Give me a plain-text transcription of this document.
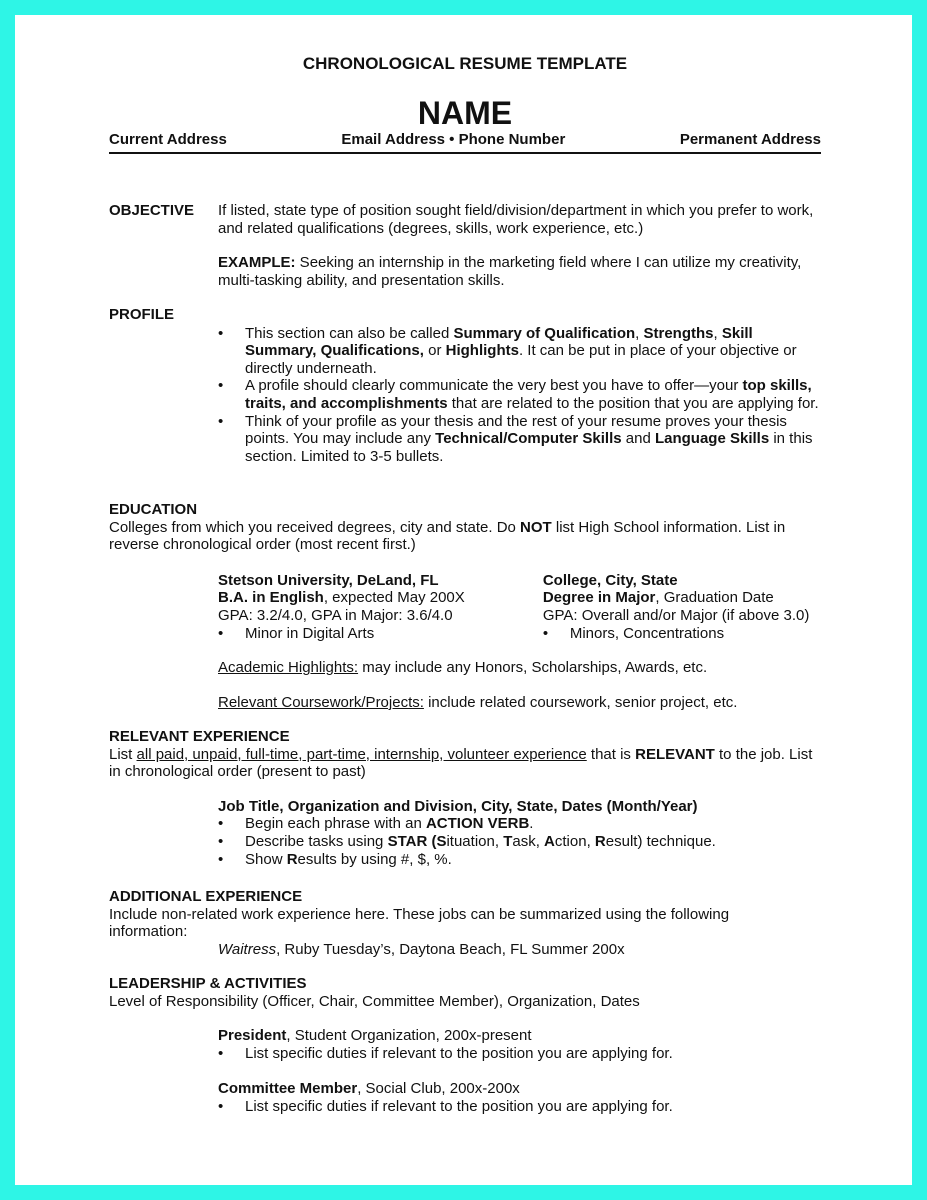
CHRONOLOGICAL RESUME TEMPLATE
NAME
Current Address	Email Address • Phone Number	Permanent Address
OBJECTIVE If listed, state type of position sought field/division/department in which you prefer to work, and related qualifications (degrees, skills, work experience, etc.)

EXAMPLE: Seeking an internship in the marketing field where I can utilize my creativity, multi-tasking ability, and presentation skills.

PROFILE

• This section can also be called Summary of Qualification, Strengths, Skill Summary, Qualifications, or Highlights. It can be put in place of your objective or directly underneath.

• A profile should clearly communicate the very best you have to offer—your top skills, traits, and accomplishments that are related to the position that you are applying for.

• Think of your profile as your thesis and the rest of your resume proves your thesis points. You may include any Technical/Computer Skills and Language Skills in this section. Limited to 3-5 bullets.

EDUCATION

Colleges from which you received degrees, city and state. Do NOT list High School information. List in reverse chronological order (most recent first.)

Stetson University, DeLand, FL

B.A. in English, expected May 200X

GPA: 3.2/4.0, GPA in Major: 3.6/4.0

• Minor in Digital Arts

College, City, State

Degree in Major, Graduation Date

GPA: Overall and/or Major (if above 3.0)

• Minors, Concentrations

Academic Highlights: may include any Honors, Scholarships, Awards, etc.

Relevant Coursework/Projects: include related coursework, senior project, etc.

RELEVANT EXPERIENCE

List all paid, unpaid, full-time, part-time, internship, volunteer experience that is RELEVANT to the job. List in chronological order (present to past)

Job Title, Organization and Division, City, State, Dates (Month/Year)

• Begin each phrase with an ACTION VERB.

• Describe tasks using STAR (Situation, Task, Action, Result) technique.

• Show Results by using #, $, %.

ADDITIONAL EXPERIENCE

Include non-related work experience here. These jobs can be summarized using the following information:

Waitress, Ruby Tuesday’s, Daytona Beach, FL Summer 200x

LEADERSHIP & ACTIVITIES

Level of Responsibility (Officer, Chair, Committee Member), Organization, Dates

President, Student Organization, 200x-present

• List specific duties if relevant to the position you are applying for.

Committee Member, Social Club, 200x-200x

• List specific duties if relevant to the position you are applying for.
